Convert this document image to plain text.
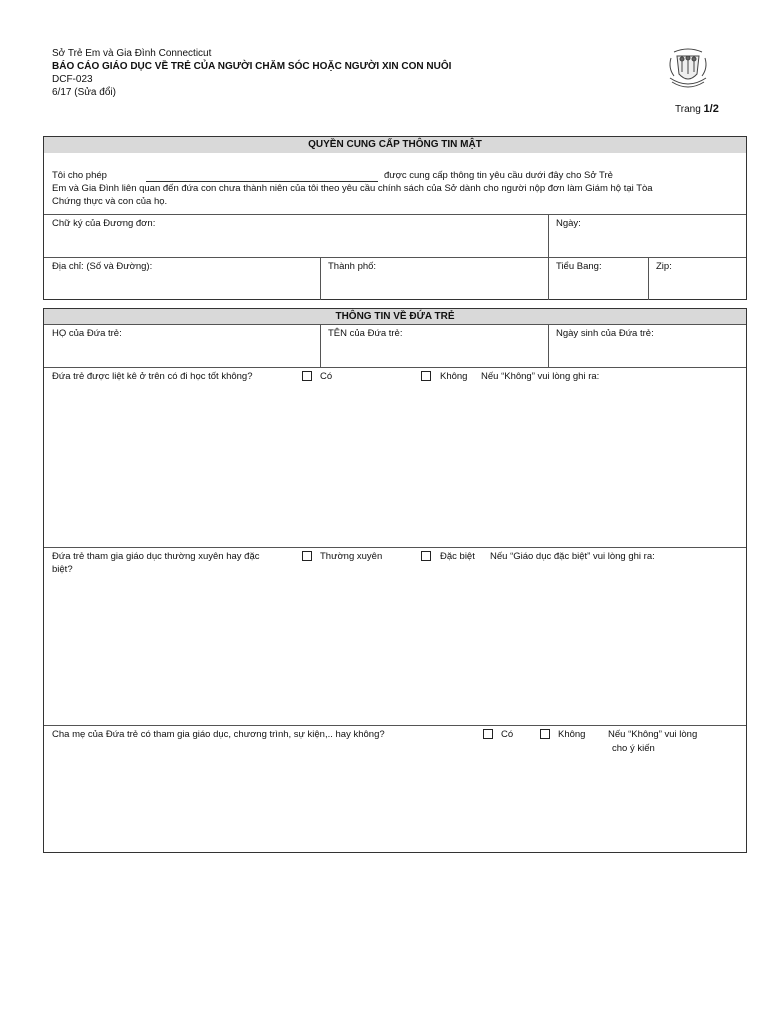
Sở Trẻ Em và Gia Đình Connecticut
BÁO CÁO GIÁO DỤC VỀ TRẺ CỦA NGƯỜI CHĂM SÓC HOẶC NGƯỜI XIN CON NUÔI
DCF-023
6/17 (Sửa đổi)
Trang 1/2
QUYỀN CUNG CẤP THÔNG TIN MẬT
Tôi cho phép	được cung cấp thông tin yêu cầu dưới đây cho Sở Trẻ
Em và Gia Đình liên quan đến đứa con chưa thành niên của tôi theo yêu cầu chính sách của Sở dành cho người nộp đơn làm Giám hộ tại Tòa
Chứng thực và con của họ.
Chữ ký của Đương đơn:	Ngày:
Địa chỉ: (Số và Đường):	Thành phố:	Tiểu Bang:	Zip:
THÔNG TIN VỀ ĐỨA TRẺ
HỌ của Đứa trẻ:	TÊN của Đứa trẻ:	Ngày sinh của Đứa trẻ:
Đứa trẻ được liệt kê ở trên có đi học tốt không?	Có	Không Nếu “Không” vui lòng ghi ra:
Đứa trẻ tham gia giáo dục thường xuyên hay đặc
biệt?
Thường xuyên	Đặc biệt Nếu “Giáo dục đặc biệt” vui lòng ghi ra:
Cha mẹ của Đứa trẻ có tham gia giáo dục, chương trình, sự kiện,.. hay không?	Có	Không Nếu “Không” vui lòng
cho ý kiến
